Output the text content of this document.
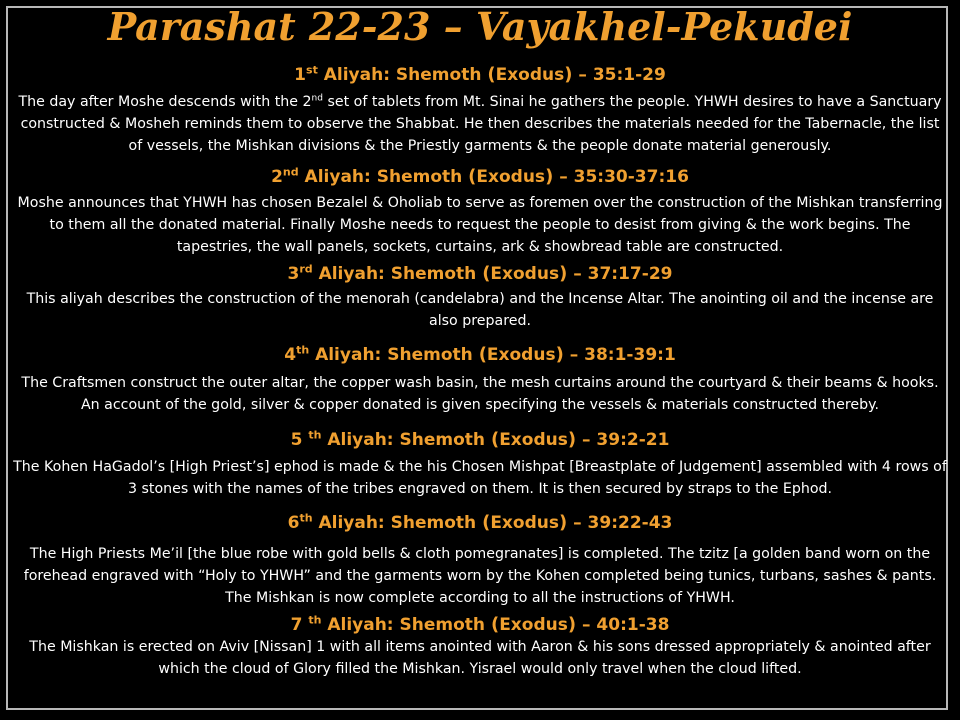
Parashat 22-23 – Vayakhel-Pekudei
1st Aliyah: Shemoth (Exodus) – 35:1-29
The day after Moshe descends with the 2nd set of tablets from Mt. Sinai he gathers the people. YHWH desires to have a Sanctuary constructed & Mosheh reminds them to observe the Shabbat. He then describes the materials needed for the Tabernacle, the list of vessels, the Mishkan divisions & the Priestly garments & the people donate material generously.
2nd Aliyah: Shemoth (Exodus) – 35:30-37:16
Moshe announces that YHWH has chosen Bezalel & Oholiab to serve as foremen over the construction of the Mishkan transferring to them all the donated material. Finally Moshe needs to request the people to desist from giving & the work begins. The tapestries, the wall panels, sockets, curtains, ark & showbread table are constructed.
3rd Aliyah: Shemoth (Exodus) – 37:17-29
This aliyah describes the construction of the menorah (candelabra) and the Incense Altar. The anointing oil and the incense are also prepared.
4th Aliyah: Shemoth (Exodus) – 38:1-39:1
The Craftsmen construct the outer altar, the copper wash basin, the mesh curtains around the courtyard & their beams & hooks. An account of the gold, silver & copper donated is given specifying the vessels & materials constructed thereby.
5 $^{th}$ Aliyah: Shemoth (Exodus) – 39:2-21
The Kohen HaGadol’s [High Priest’s] ephod is made & the his Chosen Mishpat [Breastplate of Judgement] assembled with 4 rows of 3 stones with the names of the tribes engraved on them. It is then secured by straps to the Ephod.
6th Aliyah: Shemoth (Exodus) – 39:22-43
The High Priests Me’il [the blue robe with gold bells & cloth pomegranates] is completed. The tzitz [a golden band worn on the forehead engraved with “Holy to YHWH” and the garments worn by the Kohen completed being tunics, turbans, sashes & pants. The Mishkan is now complete according to all the instructions of YHWH.
7 $^{th}$ Aliyah: Shemoth (Exodus) – 40:1-38
The Mishkan is erected on Aviv [Nissan] 1 with all items anointed with Aaron & his sons dressed appropriately & anointed after which the cloud of Glory filled the Mishkan. Yisrael would only travel when the cloud lifted.
